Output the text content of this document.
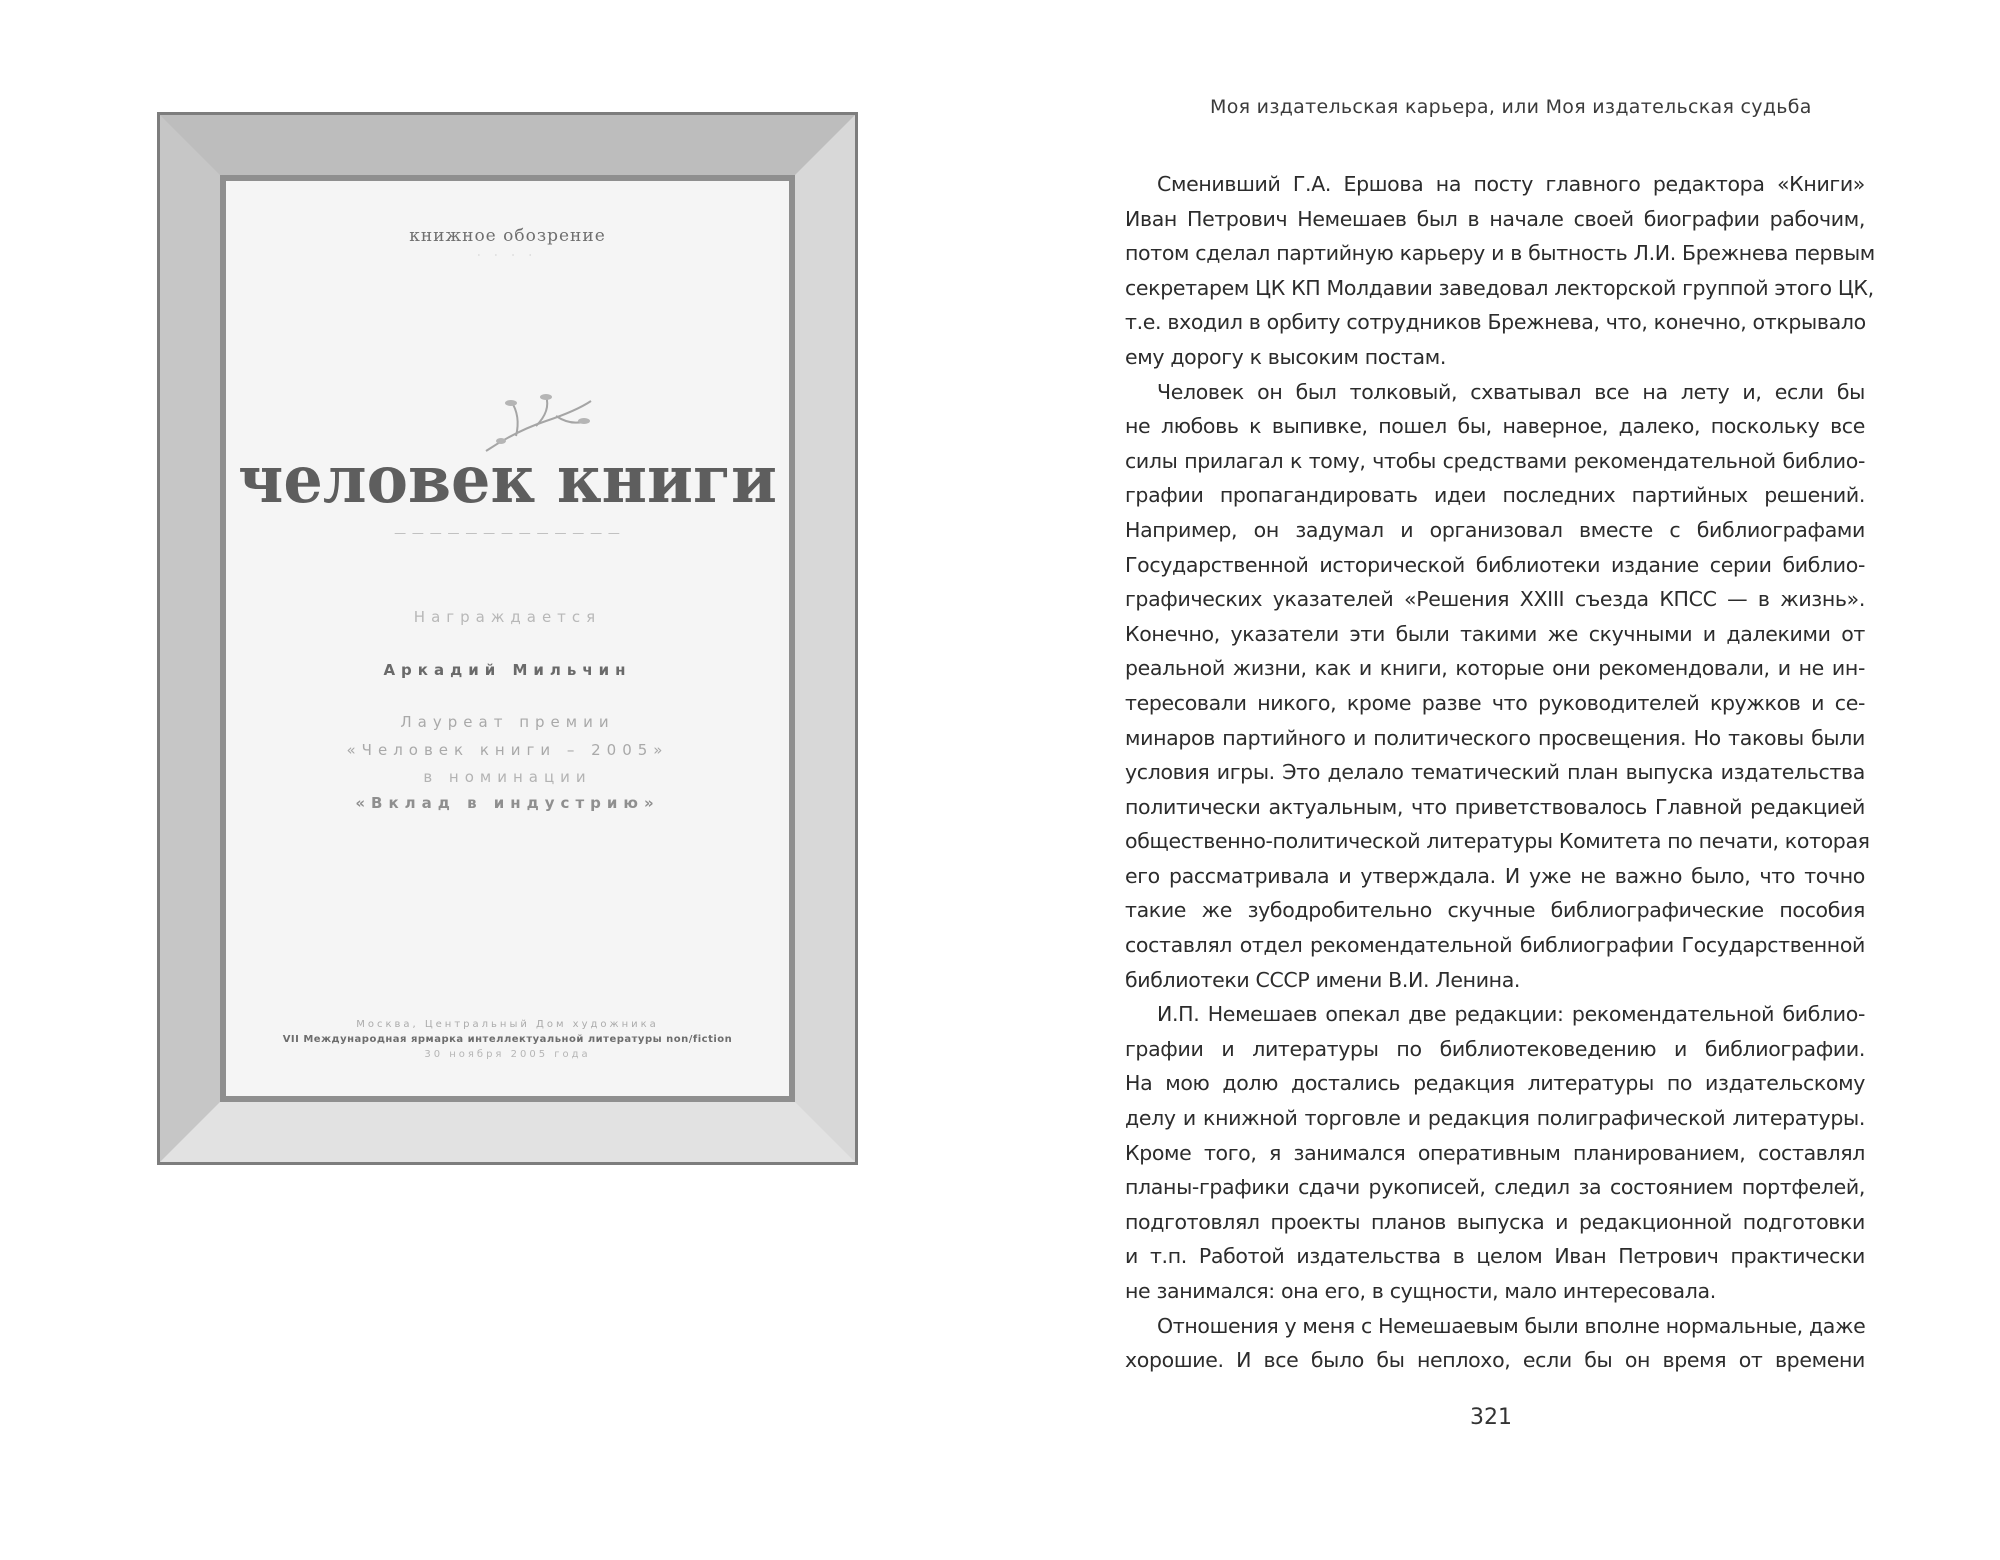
книжное обозрение
· · · ·
человек книги
— — — — — — — — — — — — —
Награждается
Аркадий Мильчин
Лауреат премии
«Человек книги – 2005»
в номинации
«Вклад в индустрию»
Москва, Центральный Дом художника
VII Международная ярмарка интеллектуальной литературы non/fiction
30 ноября 2005 года
Моя издательская карьера, или Моя издательская судьба
Сменивший Г.А. Ершова на посту главного редактора «Книги»
Иван Петрович Немешаев был в начале своей биографии рабочим,
потом сделал партийную карьеру и в бытность Л.И. Брежнева первым
секретарем ЦК КП Молдавии заведовал лекторской группой этого ЦК,
т.е. входил в орбиту сотрудников Брежнева, что, конечно, открывало
ему дорогу к высоким постам.
Человек он был толковый, схватывал все на лету и, если бы
не любовь к выпивке, пошел бы, наверное, далеко, поскольку все
силы прилагал к тому, чтобы средствами рекомендательной библио-
графии пропагандировать идеи последних партийных решений.
Например, он задумал и организовал вместе с библиографами
Государственной исторической библиотеки издание серии библио-
графических указателей «Решения XXIII съезда КПСС — в жизнь».
Конечно, указатели эти были такими же скучными и далекими от
реальной жизни, как и книги, которые они рекомендовали, и не ин-
тересовали никого, кроме разве что руководителей кружков и се-
минаров партийного и политического просвещения. Но таковы были
условия игры. Это делало тематический план выпуска издательства
политически актуальным, что приветствовалось Главной редакцией
общественно-политической литературы Комитета по печати, которая
его рассматривала и утверждала. И уже не важно было, что точно
такие же зубодробительно скучные библиографические пособия
составлял отдел рекомендательной библиографии Государственной
библиотеки СССР имени В.И. Ленина.
И.П. Немешаев опекал две редакции: рекомендательной библио-
графии и литературы по библиотековедению и библиографии.
На мою долю достались редакция литературы по издательскому
делу и книжной торговле и редакция полиграфической литературы.
Кроме того, я занимался оперативным планированием, составлял
планы-графики сдачи рукописей, следил за состоянием портфелей,
подготовлял проекты планов выпуска и редакционной подготовки
и т.п. Работой издательства в целом Иван Петрович практически
не занимался: она его, в сущности, мало интересовала.
Отношения у меня с Немешаевым были вполне нормальные, даже
хорошие. И все было бы неплохо, если бы он время от времени
321
